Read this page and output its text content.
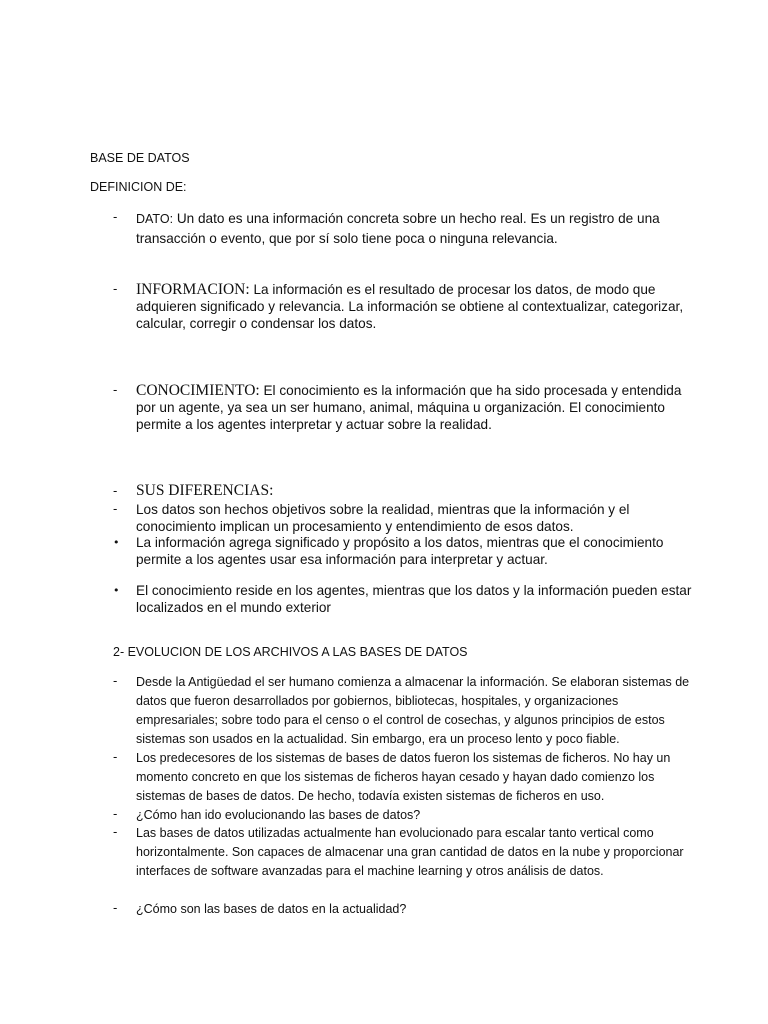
BASE DE DATOS
DEFINICION DE:
- DATO: Un dato es una información concreta sobre un hecho real. Es un registro de una transacción o evento, que por sí solo tiene poca o ninguna relevancia.
- INFORMACION: La información es el resultado de procesar los datos, de modo que adquieren significado y relevancia. La información se obtiene al contextualizar, categorizar, calcular, corregir o condensar los datos.
- CONOCIMIENTO: El conocimiento es la información que ha sido procesada y entendida por un agente, ya sea un ser humano, animal, máquina u organización. El conocimiento permite a los agentes interpretar y actuar sobre la realidad.
- SUS DIFERENCIAS:
- Los datos son hechos objetivos sobre la realidad, mientras que la información y el conocimiento implican un procesamiento y entendimiento de esos datos.
• La información agrega significado y propósito a los datos, mientras que el conocimiento permite a los agentes usar esa información para interpretar y actuar.
• El conocimiento reside en los agentes, mientras que los datos y la información pueden estar localizados en el mundo exterior
2- EVOLUCION DE LOS ARCHIVOS A LAS BASES DE DATOS
- Desde la Antigüedad el ser humano comienza a almacenar la información. Se elaboran sistemas de datos que fueron desarrollados por gobiernos, bibliotecas, hospitales, y organizaciones empresariales; sobre todo para el censo o el control de cosechas, y algunos principios de estos sistemas son usados en la actualidad. Sin embargo, era un proceso lento y poco fiable.
- Los predecesores de los sistemas de bases de datos fueron los sistemas de ficheros. No hay un momento concreto en que los sistemas de ficheros hayan cesado y hayan dado comienzo los sistemas de bases de datos. De hecho, todavía existen sistemas de ficheros en uso.
- ¿Cómo han ido evolucionando las bases de datos?
- Las bases de datos utilizadas actualmente han evolucionado para escalar tanto vertical como horizontalmente. Son capaces de almacenar una gran cantidad de datos en la nube y proporcionar interfaces de software avanzadas para el machine learning y otros análisis de datos.
- ¿Cómo son las bases de datos en la actualidad?
